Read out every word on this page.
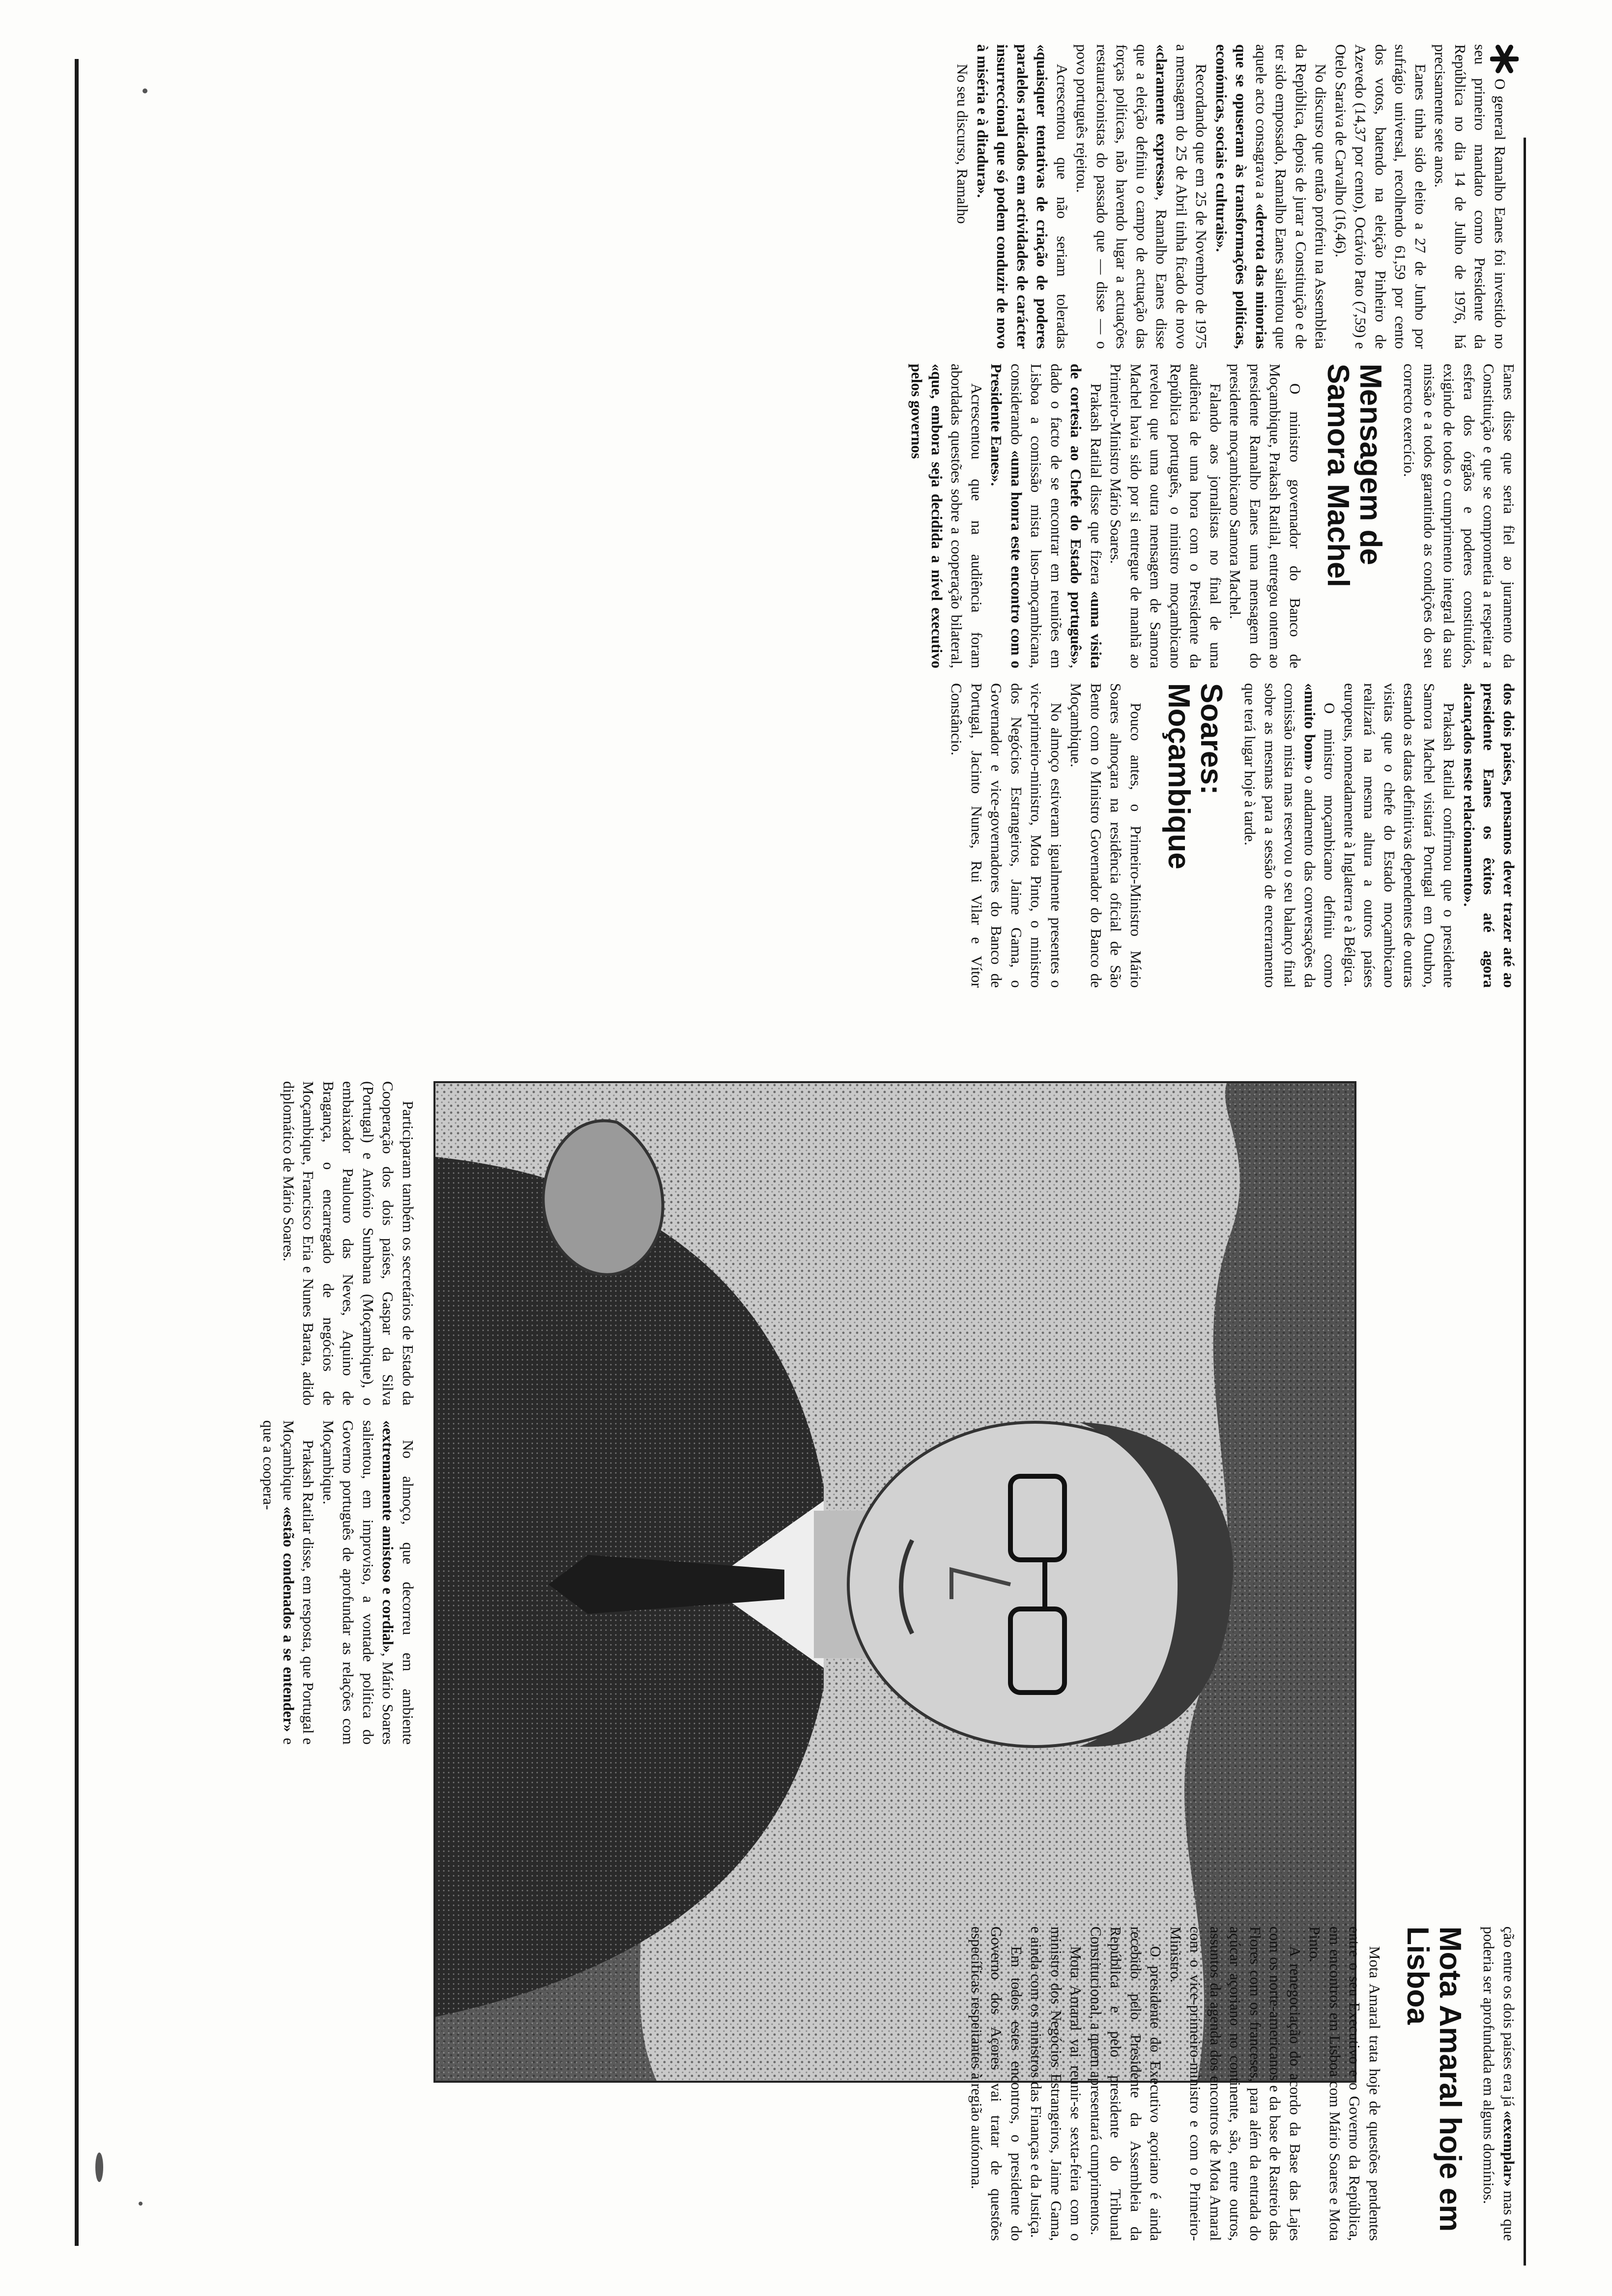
O general Ramalho Eanes foi investido no seu primeiro mandato como Presidente da República no dia 14 de Julho de 1976, há precisamente sete anos.

Eanes tinha sido eleito a 27 de Junho por sufrágio universal, recolhendo 61,59 por cento dos votos, batendo na eleição Pinheiro de Azevedo (14,37 por cento), Octávio Pato (7,59) e Otelo Saraiva de Carvalho (16,46).

No discurso que então proferiu na Assembleia da República, depois de jurar a Constituição e de ter sido empossado, Ramalho Eanes salientou que aquele acto consagrava a «derrota das minorias que se opuseram às transformações políticas, económicas, sociais e culturais».

Recordando que em 25 de Novembro de 1975 a mensagem do 25 de Abril tinha ficado de novo «claramente expressa», Ramalho Eanes disse que a eleição definiu o campo de actuação das forças políticas, não havendo lugar a actuações restauracionistas do passado que — disse — o povo português rejeitou.

Acrescentou que não seriam toleradas «quaisquer tentativas de criação de poderes paralelos radicados em actividades de carácter insurreccional que só podem conduzir de novo à miséria e à ditadura».

No seu discurso, Ramalho

Eanes disse que seria fiel ao juramento da Constituição e que se comprometia a respeitar a esfera dos órgãos e poderes constituídos, exigindo de todos o cumprimento integral da sua missão e a todos garantindo as condições do seu correcto exercício.

Mensagem de Samora Machel

O ministro governador do Banco de Moçambique, Prakash Ratilal, entregou ontem ao presidente Ramalho Eanes uma mensagem do presidente moçambicano Samora Machel.

Falando aos jornalistas no final de uma audiência de uma hora com o Presidente da República português, o ministro moçambicano revelou que uma outra mensagem de Samora Machel havia sido por si entregue de manhã ao Primeiro-Ministro Mário Soares.

Prakash Ratilal disse que fizera «uma visita de cortesia ao Chefe do Estado português», dado o facto de se encontrar em reuniões em Lisboa a comissão mista luso-moçambicana, considerando «uma honra este encontro com o Presidente Eanes».

Acrescentou que na audiência foram abordadas questões sobre a cooperação bilateral, «que, embora seja decidida a nível executivo pelos governos

dos dois países, pensamos dever trazer até ao presidente Eanes os êxitos até agora alcançados neste relacionamento».

Prakash Ratilal confirmou que o presidente Samora Machel visitará Portugal em Outubro, estando as datas definitivas dependentes de outras visitas que o chefe do Estado moçambicano realizará na mesma altura a outros países europeus, nomeadamente à Inglaterra e à Bélgica.

O ministro moçambicano definiu como «muito bom» o andamento das conversações da comissão mista mas reservou o seu balanço final sobre as mesmas para a sessão de encerramento que terá lugar hoje à tarde.

Soares: Moçambique

Pouco antes, o Primeiro-Ministro Mário Soares almoçara na residência oficial de São Bento com o Ministro Governador do Banco de Moçambique.

No almoço estiveram igualmente presentes o vice-primeiro-ministro, Mota Pinto, o ministro dos Negócios Estrangeiros, Jaime Gama, o Governador e vice-governadores do Banco de Portugal, Jacinto Nunes, Rui Vilar e Vítor Constâncio.

Participaram também os secretários de Estado da Cooperação dos dois países, Gaspar da Silva (Portugal) e António Sumbana (Moçambique), o embaixador Paulouro das Neves, Aquino de Bragança, o encarregado de negócios de Moçambique, Francisco Eria e Nunes Barata, adido diplomático de Mário Soares.

No almoço, que decorreu em ambiente «extremamente amistoso e cordial», Mário Soares salientou, em improviso, a vontade política do Governo português de aprofundar as relações com Moçambique.

Prakash Ratilar disse, em resposta, que Portugal e Moçambique «estão condenados a se entender» e que a coopera-

ção entre os dois países era já «exemplar» mas que poderia ser aprofundada em alguns domínios.

Mota Amaral hoje em Lisboa

Mota Amaral trata hoje de questões pendentes entre o seu Executivo e o Governo da República, em encontros em Lisboa com Mário Soares e Mota Pinto.

A renegociação do acordo da Base das Lajes com os norte-americanos e da base de Rastreio das Flores com os franceses, para além da entrada do açúcar açoriano no continente, são, entre outros, assuntos da agenda dos encontros de Mota Amaral com o vice-primeiro-ministro e com o Primeiro-Ministro.

O presidente do Executivo açoriano é ainda recebido pelo Presidente da Assembleia da República e pelo presidente do Tribunal Constitucional, a quem apresentará cumprimentos.

Mota Amaral vai reunir-se sexta-feira com o ministro dos Negócios Estrangeiros, Jaime Gama, e ainda com os ministros das Finanças e da Justiça.

Em todos estes encontros, o presidente do Governo dos Açores vai tratar de questões específicas respeitantes à região autónoma.
